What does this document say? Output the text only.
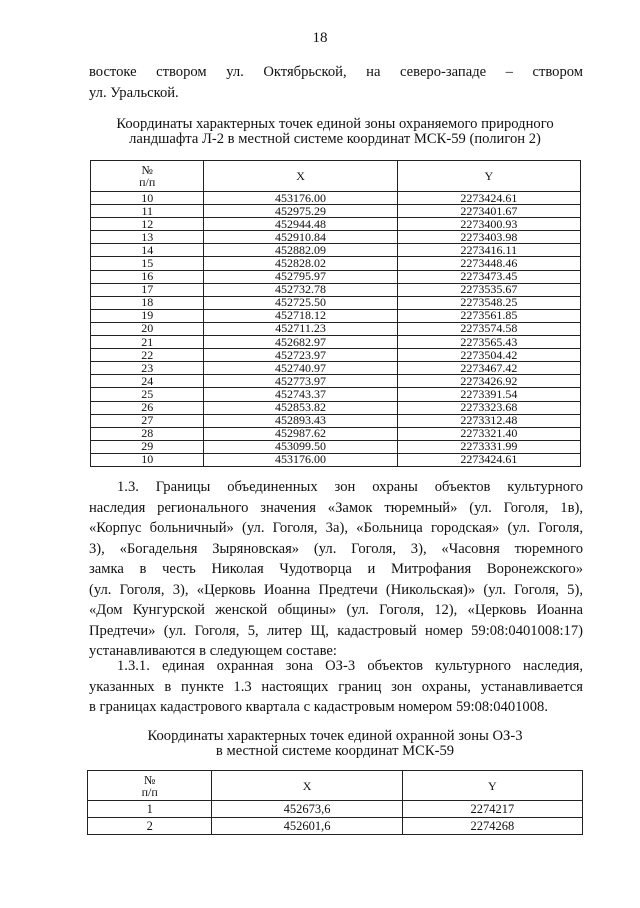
18

востоке створом ул. Октябрьской, на северо-западе – створом
ул. Уральской.

Координаты характерных точек единой зоны охраняемого природного
ландшафта Л-2 в местной системе координат МСК-59 (полигон 2)

№
п/п	X	Y
10	453176.00	2273424.61
11	452975.29	2273401.67
12	452944.48	2273400.93
13	452910.84	2273403.98
14	452882.09	2273416.11
15	452828.02	2273448.46
16	452795.97	2273473.45
17	452732.78	2273535.67
18	452725.50	2273548.25
19	452718.12	2273561.85
20	452711.23	2273574.58
21	452682.97	2273565.43
22	452723.97	2273504.42
23	452740.97	2273467.42
24	452773.97	2273426.92
25	452743.37	2273391.54
26	452853.82	2273323.68
27	452893.43	2273312.48
28	452987.62	2273321.40
29	453099.50	2273331.99
10	453176.00	2273424.61

1.3. Границы объединенных зон охраны объектов культурного
наследия регионального значения «Замок тюремный» (ул. Гоголя, 1в),
«Корпус больничный» (ул. Гоголя, 3а), «Больница городская» (ул. Гоголя,
3), «Богадельня Зыряновская» (ул. Гоголя, 3), «Часовня тюремного
замка в честь Николая Чудотворца и Митрофания Воронежского»
(ул. Гоголя, 3), «Церковь Иоанна Предтечи (Никольская)» (ул. Гоголя, 5),
«Дом Кунгурской женской общины» (ул. Гоголя, 12), «Церковь Иоанна
Предтечи» (ул. Гоголя, 5, литер Щ, кадастровый номер 59:08:0401008:17)
устанавливаются в следующем составе:

1.3.1. единая охранная зона ОЗ-3 объектов культурного наследия,
указанных в пункте 1.3 настоящих границ зон охраны, устанавливается
в границах кадастрового квартала с кадастровым номером 59:08:0401008.

Координаты характерных точек единой охранной зоны ОЗ-3
в местной системе координат МСК-59

№
п/п	X	Y
1	452673,6	2274217
2	452601,6	2274268
